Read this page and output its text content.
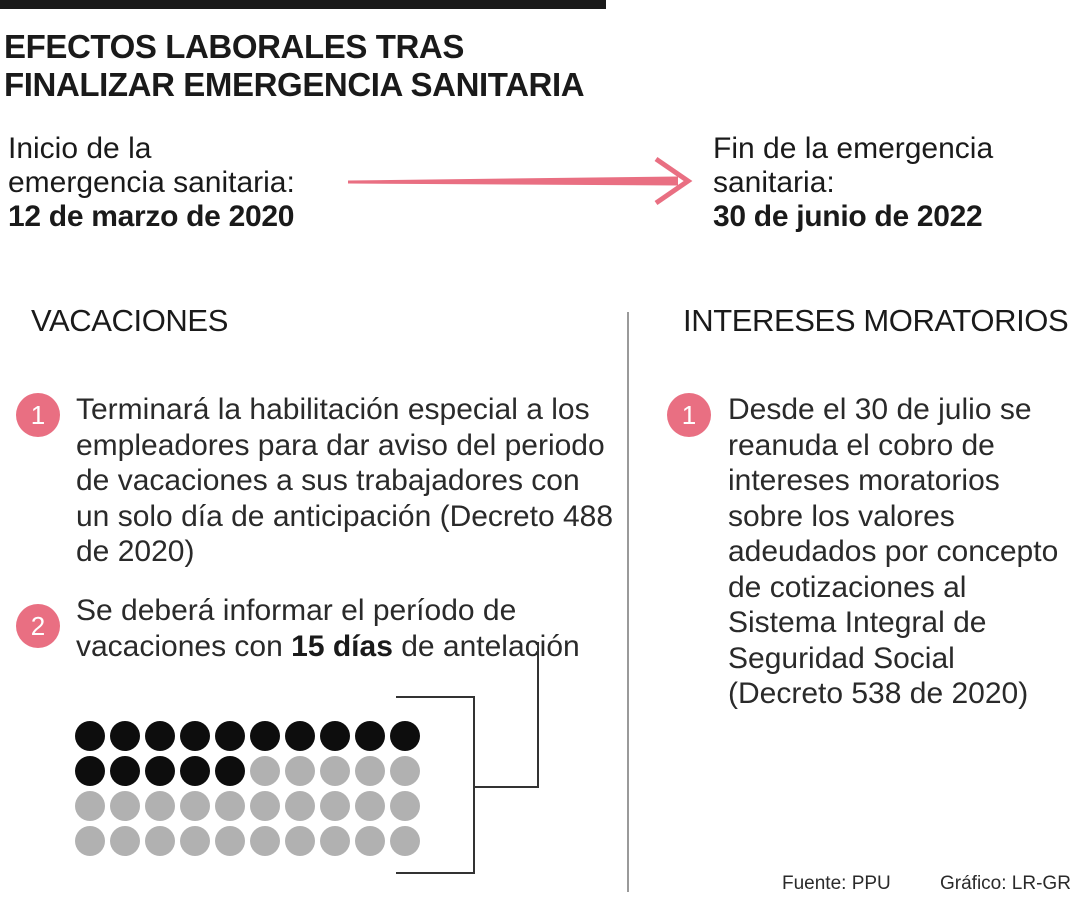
EFECTOS LABORALES TRAS
FINALIZAR EMERGENCIA SANITARIA
Inicio de la
emergencia sanitaria:
12 de marzo de 2020
Fin de la emergencia
sanitaria:
30 de junio de 2022
VACACIONES	INTERESES MORATORIOS
1	Terminará la habilitación especial a los empleadores para dar aviso del periodo de vacaciones a sus trabajadores con un solo día de anticipación (Decreto 488 de 2020)

2	Se deberá informar el período de vacaciones con 15 días de antelación

1	Desde el 30 de julio se reanuda el cobro de intereses moratorios sobre los valores adeudados por concepto de cotizaciones al Sistema Integral de Seguridad Social (Decreto 538 de 2020)

Fuente: PPU	Gráfico: LR-GR
